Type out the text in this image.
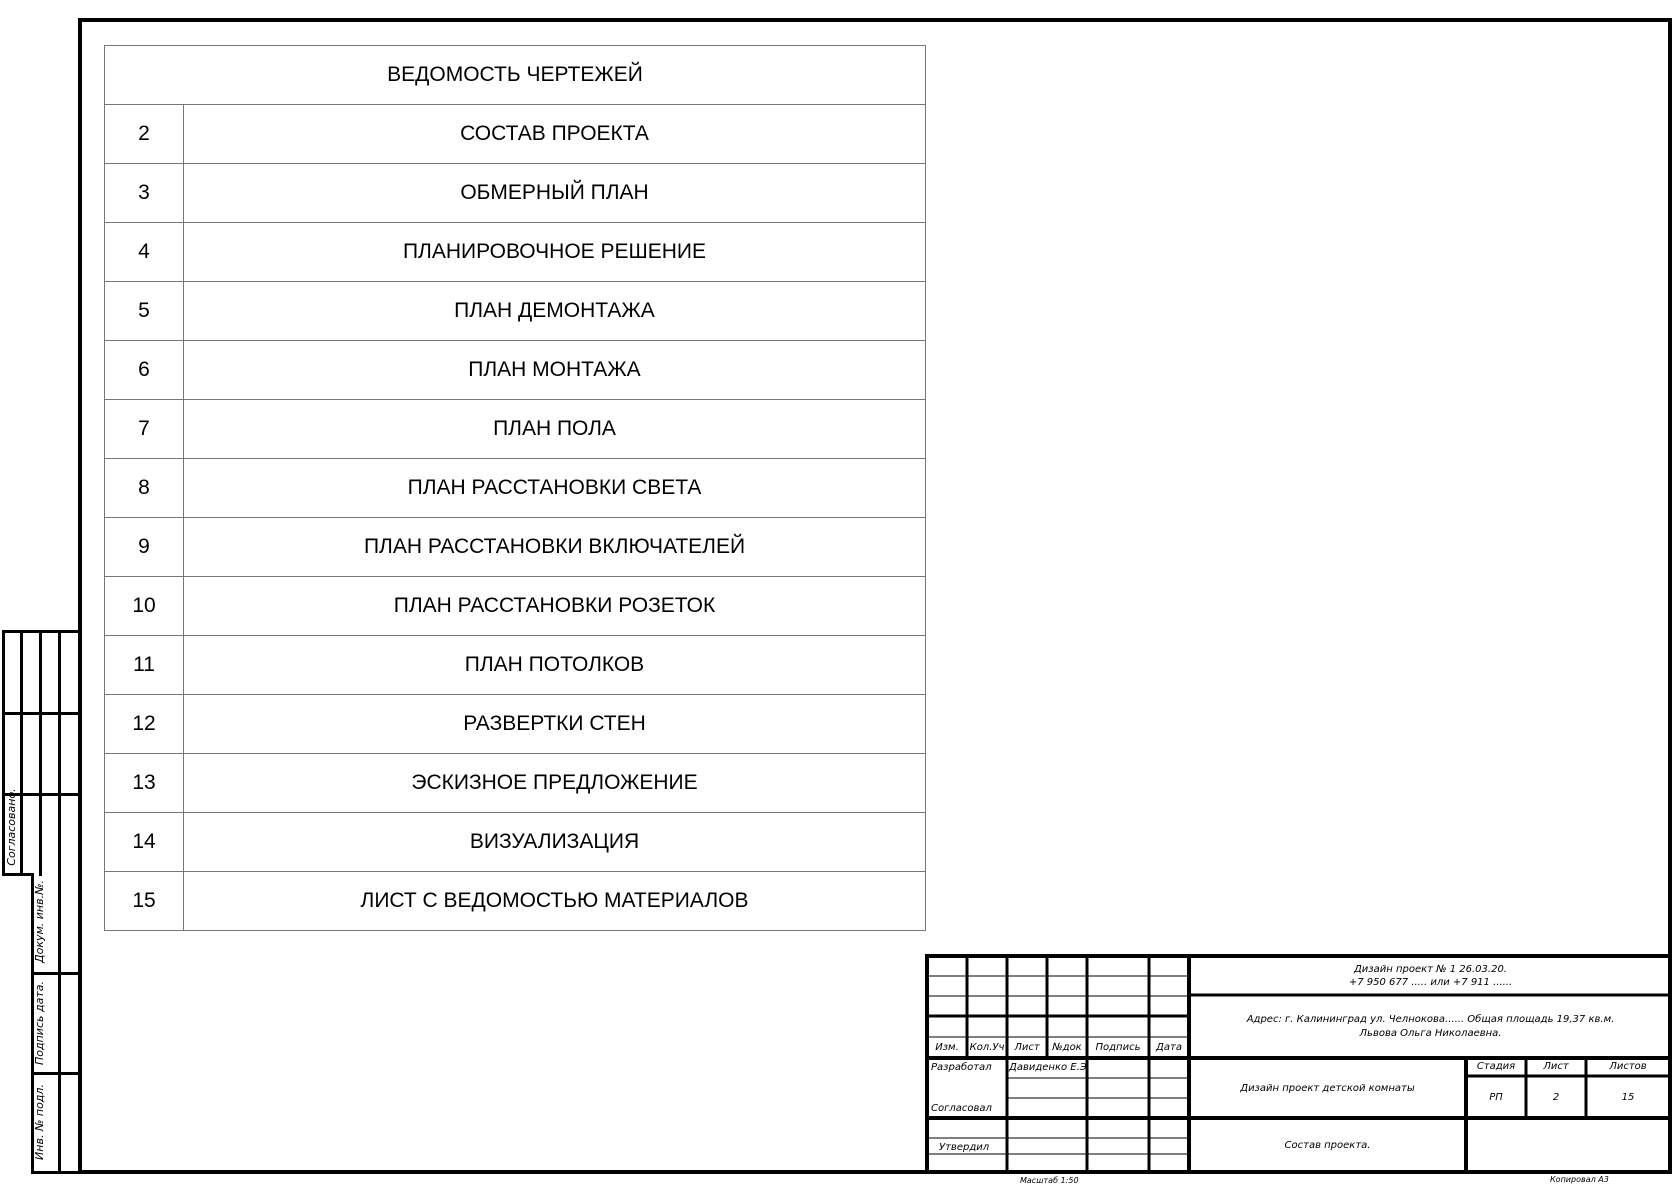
Согласовано.
Докум. инв.№.
Подпись дата.
Инв. № подл.
ВЕДОМОСТЬ ЧЕРТЕЖЕЙ	
2	СОСТАВ ПРОЕКТА
3	ОБМЕРНЫЙ ПЛАН
4	ПЛАНИРОВОЧНОЕ РЕШЕНИЕ
5	ПЛАН ДЕМОНТАЖА
6	ПЛАН МОНТАЖА
7	ПЛАН ПОЛА
8	ПЛАН РАССТАНОВКИ СВЕТА
9	ПЛАН РАССТАНОВКИ ВКЛЮЧАТЕЛЕЙ
10	ПЛАН РАССТАНОВКИ РОЗЕТОК
11	ПЛАН ПОТОЛКОВ
12	РАЗВЕРТКИ СТЕН
13	ЭСКИЗНОЕ ПРЕДЛОЖЕНИЕ
14	ВИЗУАЛИЗАЦИЯ
15	ЛИСТ С ВЕДОМОСТЬЮ МАТЕРИАЛОВ
Дизайн проект № 1 26.03.20.
+7 950 677 ..... или +7 911 ......
Адрес: г. Калининград ул. Челнокова...... Общая площадь 19,37 кв.м.
Львова Ольга Николаевна.
Изм.	Кол.Уч Лист	№док	Подпись	Дата
Разработал Давиденко Е.Э.
Согласовал
Утвердил
Дизайн проект детской комнаты
Состав проекта.
Стадия	Лист	Листов
РП	2	15
Масштаб 1:50	Копировал А3
